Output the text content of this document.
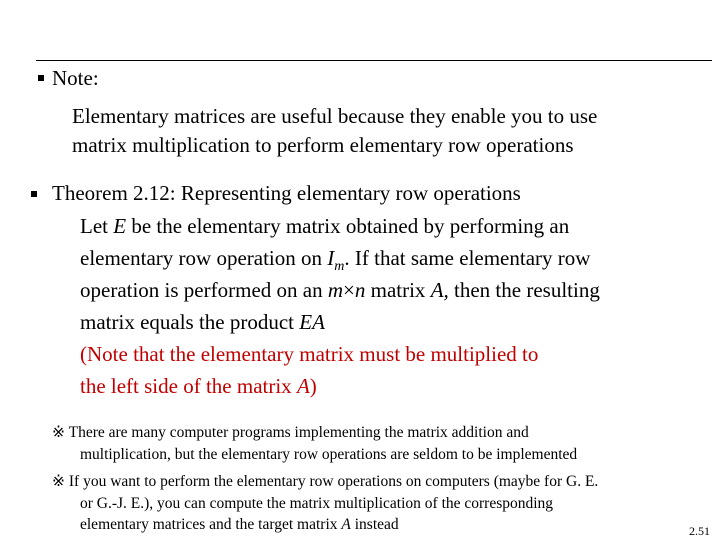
Note:
Elementary matrices are useful because they enable you to use
matrix multiplication to perform elementary row operations
Theorem 2.12: Representing elementary row operations
Let E be the elementary matrix obtained by performing an
elementary row operation on $I_m$. If that same elementary row
operation is performed on an m×n matrix A, then the resulting
matrix equals the product EA
(Note that the elementary matrix must be multiplied to
the left side of the matrix A)
※ There are many computer programs implementing the matrix addition and
multiplication, but the elementary row operations are seldom to be implemented
※ If you want to perform the elementary row operations on computers (maybe for G. E.
or G.-J. E.), you can compute the matrix multiplication of the corresponding
elementary matrices and the target matrix A instead	2.51
